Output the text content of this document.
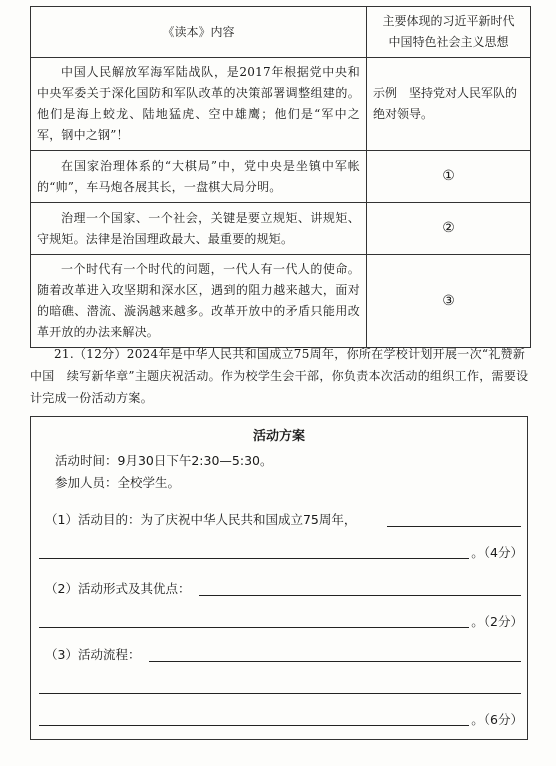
《读本》内容	主要体现的习近平新时代
中国特色社会主义思想

中国人民解放军海军陆战队，是2017年根据党中央和中央军委关于深化国防和军队改革的决策部署调整组建的。他们是海上蛟龙、陆地猛虎、空中雄鹰；他们是“军中之军，钢中之钢”！	示例　坚持党对人民军队的绝对领导。
在国家治理体系的“大棋局”中，党中央是坐镇中军帐的“帅”，车马炮各展其长，一盘棋大局分明。	①
治理一个国家、一个社会，关键是要立规矩、讲规矩、守规矩。法律是治国理政最大、最重要的规矩。	②
一个时代有一个时代的问题，一代人有一代人的使命。随着改革进入攻坚期和深水区，遇到的阻力越来越大，面对的暗礁、潜流、漩涡越来越多。改革开放中的矛盾只能用改革开放的办法来解决。	③

21.（12分）2024年是中华人民共和国成立75周年，你所在学校计划开展一次“礼赞新中国　续写新华章”主题庆祝活动。作为校学生会干部，你负责本次活动的组织工作，需要设计完成一份活动方案。

活动方案
活动时间：9月30日下午2:30—5:30。
参加人员：全校学生。
（1）活动目的：为了庆祝中华人民共和国成立75周年，
。（4分）
（2）活动形式及其优点：
。（2分）
（3）活动流程：
。（6分）
